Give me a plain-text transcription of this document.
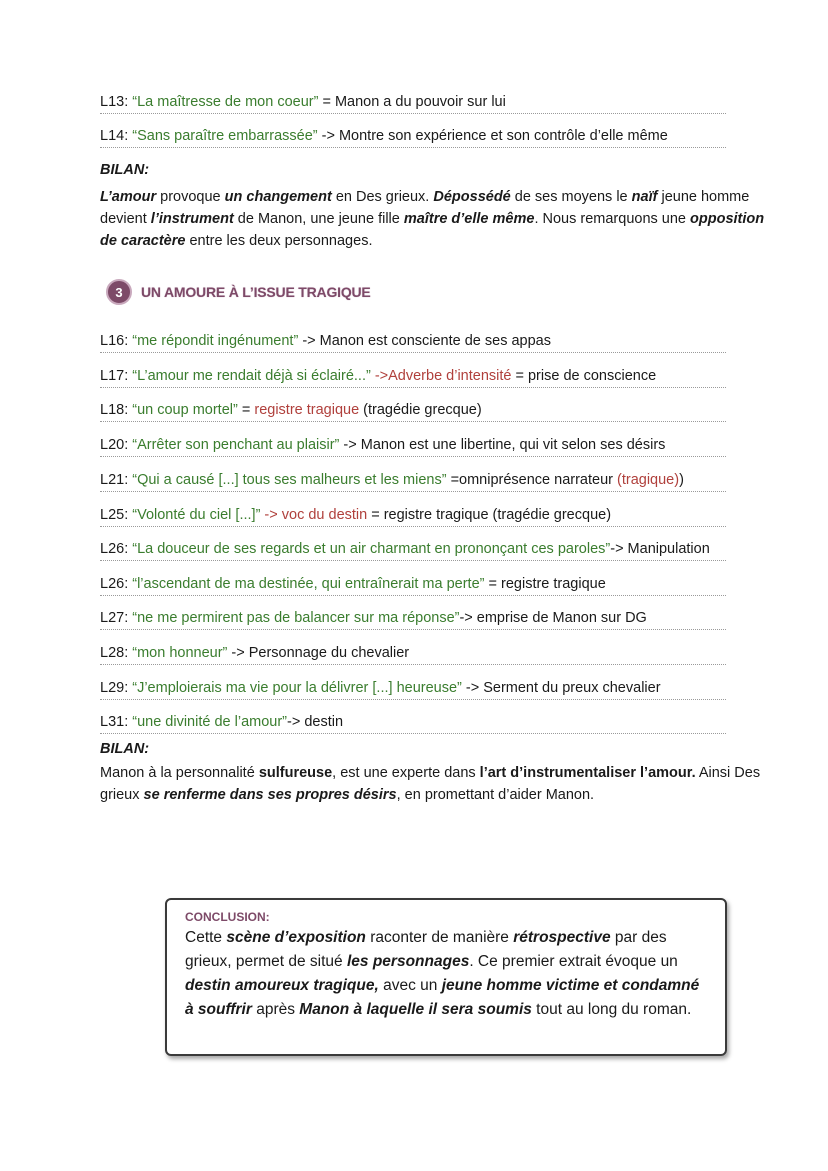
L13: “La maîtresse de mon coeur” = Manon a du pouvoir sur lui
L14: “Sans paraître embarrassée” -> Montre son expérience et son contrôle d’elle même
BILAN:
L’amour provoque un changement en Des grieux. Dépossédé de ses moyens le naïf jeune homme devient l’instrument de Manon, une jeune fille maître d’elle même. Nous remarquons une opposition de caractère entre les deux personnages.
3	UN AMOURE À L’ISSUE TRAGIQUE
L16: “me répondit ingénument” -> Manon est consciente de ses appas
L17: “L’amour me rendait déjà si éclairé...” ->Adverbe d’intensité = prise de conscience
L18: “un coup mortel” = registre tragique (tragédie grecque)
L20: “Arrêter son penchant au plaisir” -> Manon est une libertine, qui vit selon ses désirs
L21: “Qui a causé [...] tous ses malheurs et les miens” =omniprésence narrateur (tragique))
L25: “Volonté du ciel [...]” -> voc du destin = registre tragique (tragédie grecque)
L26: “La douceur de ses regards et un air charmant en prononçant ces paroles”-> Manipulation
L26: “l’ascendant de ma destinée, qui entraînerait ma perte” = registre tragique
L27: “ne me permirent pas de balancer sur ma réponse”-> emprise de Manon sur DG
L28: “mon honneur” -> Personnage du chevalier
L29: “J’emploierais ma vie pour la délivrer [...] heureuse” -> Serment du preux chevalier
L31: “une divinité de l’amour”-> destin
BILAN:
Manon à la personnalité sulfureuse, est une experte dans l’art d’instrumentaliser l’amour. Ainsi Des grieux se renferme dans ses propres désirs, en promettant d’aider Manon.
CONCLUSION:
Cette scène d’exposition raconter de manière rétrospective par des grieux, permet de situé les personnages. Ce premier extrait évoque un destin amoureux tragique, avec un jeune homme victime et condamné à souffrir après Manon à laquelle il sera soumis tout au long du roman.
